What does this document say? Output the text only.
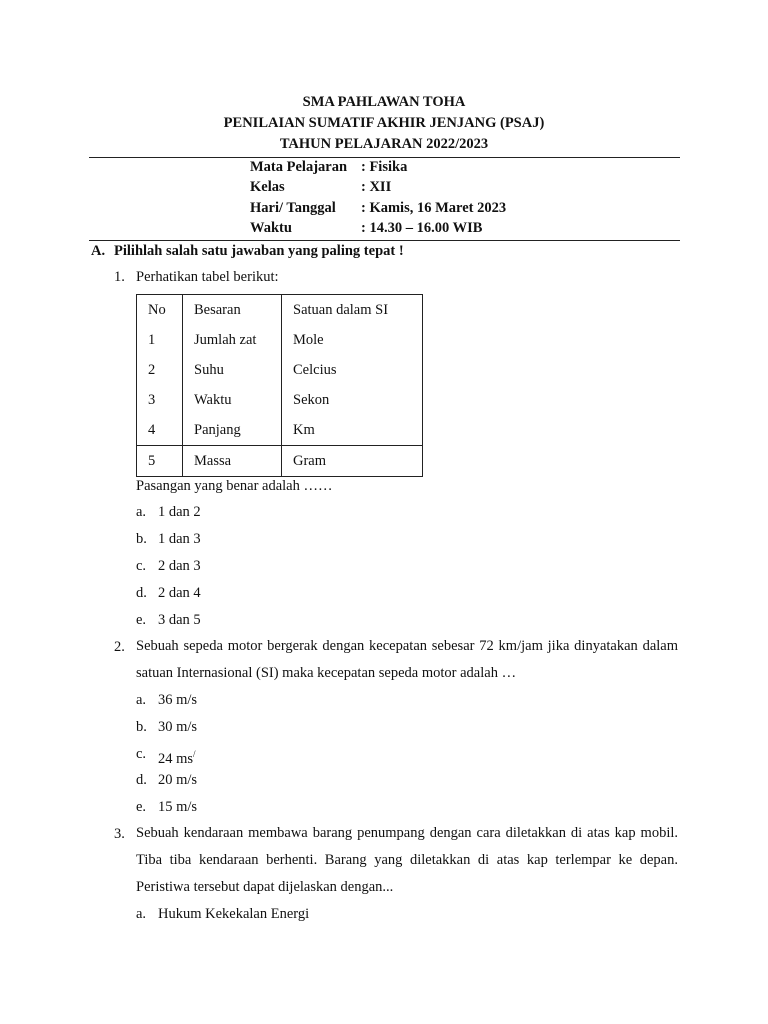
SMA PAHLAWAN TOHA
PENILAIAN SUMATIF AKHIR JENJANG (PSAJ)
TAHUN PELAJARAN 2022/2023
Mata Pelajaran : Fisika
Kelas	: XII
Hari/ Tanggal : Kamis, 16 Maret 2023
Waktu	: 14.30 – 16.00 WIB
A. Pilihlah salah satu jawaban yang paling tepat !
1. Perhatikan tabel berikut:
No	Besaran	Satuan dalam SI
1	Jumlah zat	Mole
2	Suhu	Celcius
3	Waktu	Sekon
4	Panjang	Km
5	Massa	Gram
Pasangan yang benar adalah ……
a. 1 dan 2
b. 1 dan 3
c. 2 dan 3
d. 2 dan 4
e. 3 dan 5
2. Sebuah sepeda motor bergerak dengan kecepatan sebesar 72 km/jam jika dinyatakan dalam satuan Internasional (SI) maka kecepatan sepeda motor adalah …
a. 36 m/s
b. 30 m/s
c. 24 ms/
d. 20 m/s
e. 15 m/s
3. Sebuah kendaraan membawa barang penumpang dengan cara diletakkan di atas kap mobil. Tiba tiba kendaraan berhenti. Barang yang diletakkan di atas kap terlempar ke depan. Peristiwa tersebut dapat dijelaskan dengan...
a. Hukum Kekekalan Energi
